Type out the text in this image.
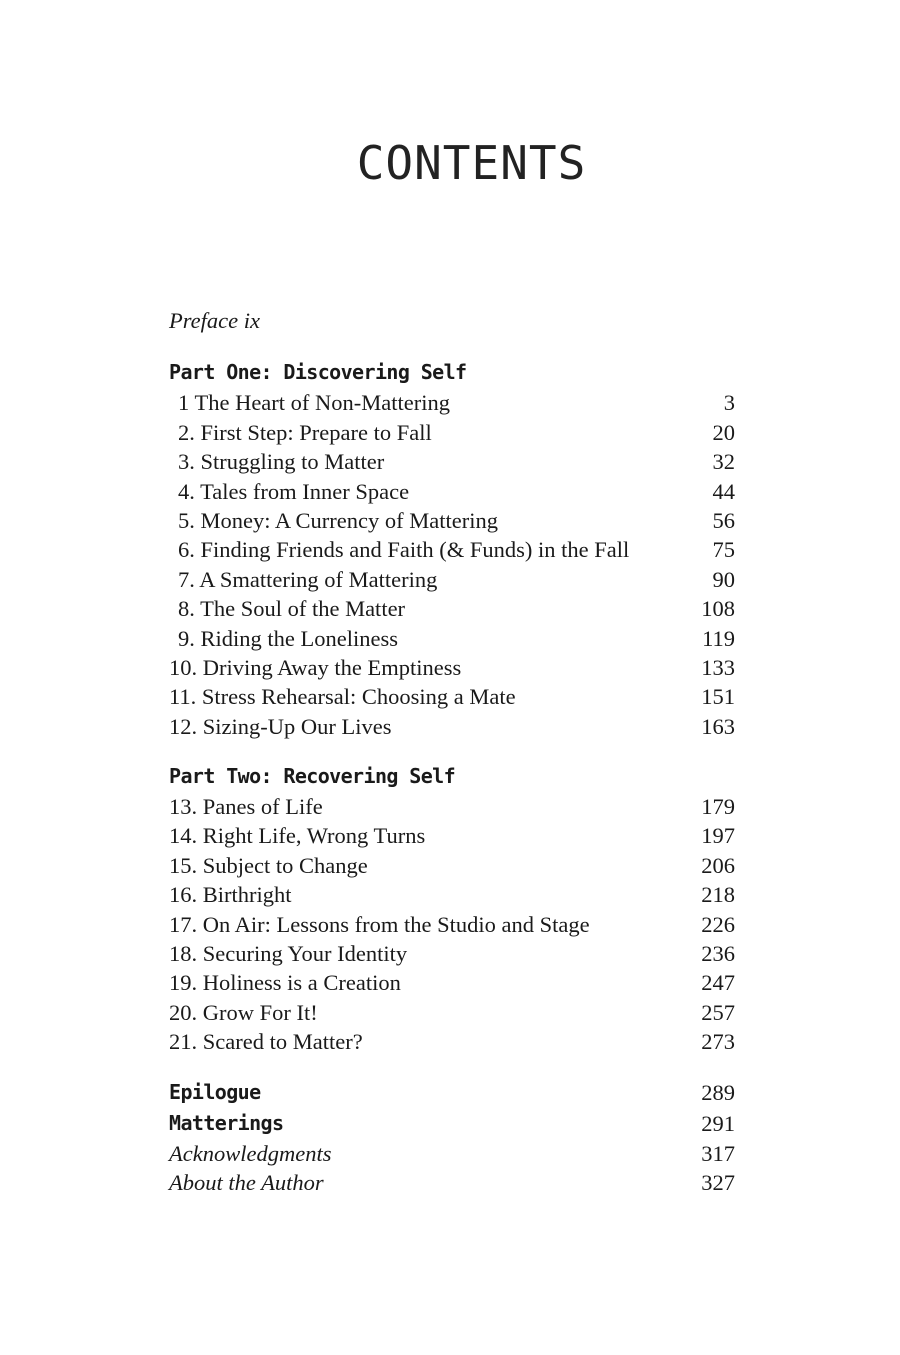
CONTENTS
Preface ix
Part One: Discovering Self
1 The Heart of Non-Mattering	3
2. First Step: Prepare to Fall	20
3. Struggling to Matter	32
4. Tales from Inner Space	44
5. Money: A Currency of Mattering	56
6. Finding Friends and Faith (& Funds) in the Fall	75
7. A Smattering of Mattering	90
8. The Soul of the Matter	108
9. Riding the Loneliness	119
10. Driving Away the Emptiness	133
11. Stress Rehearsal: Choosing a Mate	151
12. Sizing-Up Our Lives	163
Part Two: Recovering Self
13. Panes of Life	179
14. Right Life, Wrong Turns	197
15. Subject to Change	206
16. Birthright	218
17. On Air: Lessons from the Studio and Stage	226
18. Securing Your Identity	236
19. Holiness is a Creation	247
20. Grow For It!	257
21. Scared to Matter?	273
Epilogue	289
Matterings	291
Acknowledgments	317
About the Author	327
